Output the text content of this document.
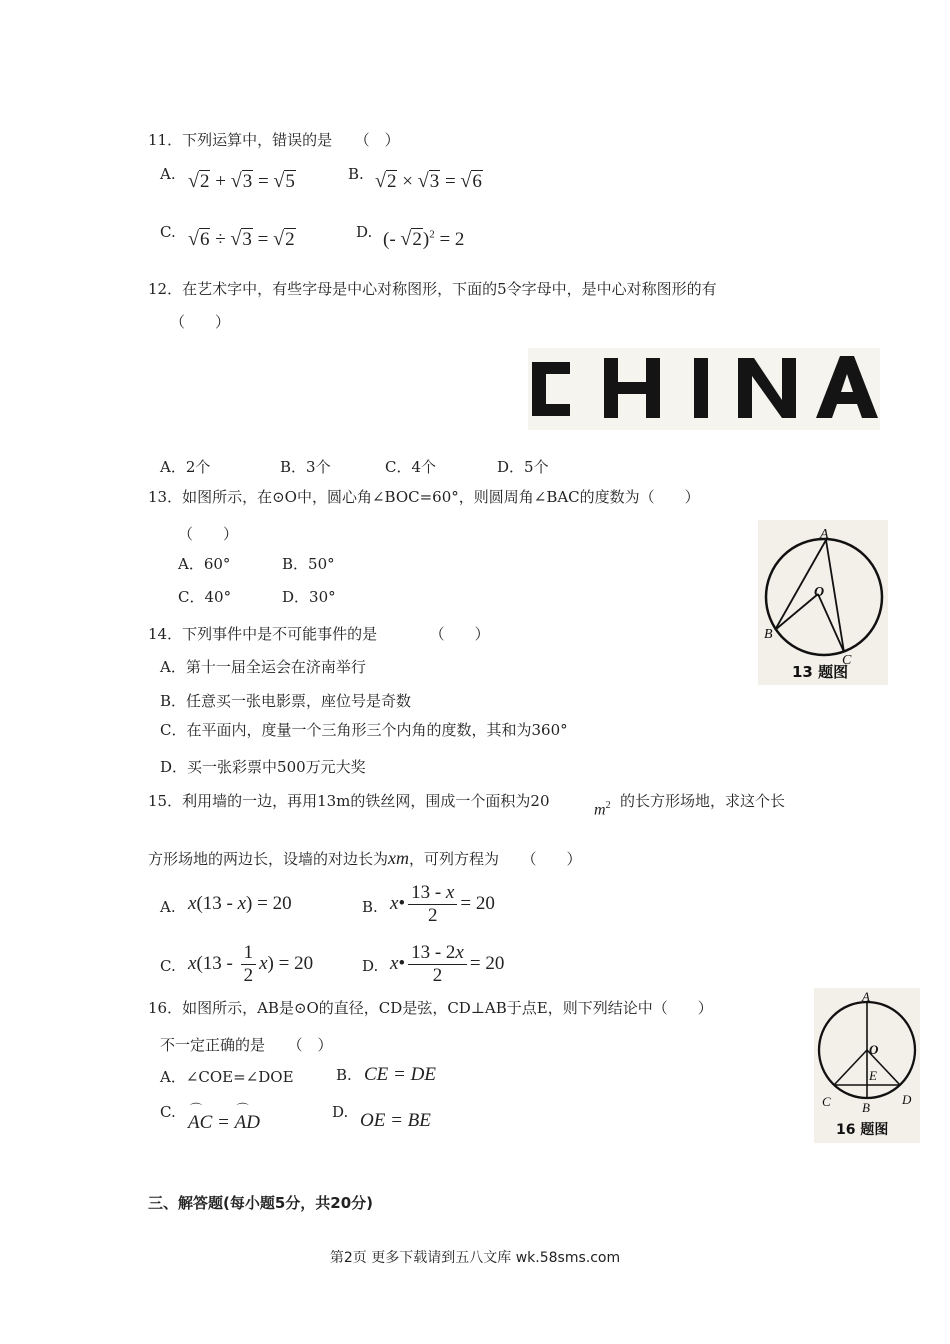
11．下列运算中，错误的是　　（　）
A. √2 + √3 = √5	B. √2 × √3 = √6
C. √6 ÷ √3 = √2	D. (- √2)$^2$ = 2
12．在艺术字中，有些字母是中心对称图形，下面的5令字母中，是中心对称图形的有
（　　）
A．2个	B．3个	C．4个	D．5个
13．如图所示，在⊙O中，圆心角∠BOC=60°，则圆周角∠BAC的度数为（　　）
（　　）
A．60°	B．50°
C．40°	D．30°
A
O
B
C
13 题图
14．下列事件中是不可能事件的是　　　　（　　）
A．第十一届全运会在济南举行
B．任意买一张电影票，座位号是奇数
C．在平面内，度量一个三角形三个内角的度数，其和为360°
D．买一张彩票中500万元大奖
15．利用墙的一边，再用13m的铁丝网，围成一个面积为20	$m^2$ 的长方形场地，求这个长
方形场地的两边长，设墙的对边长为xm，可列方程为　　（　　）
A. x(13 - x) = 20	B. x• $\frac{13 - x}{2} = 20$
C. $x(13 - \frac{1}{2} x) = 20$	D. x• $\frac{13 - 2x}{2} = 20$
16．如图所示，AB是⊙O的直径，CD是弦，CD⊥AB于点E，则下列结论中（　　）
不一定正确的是　　（　）
A．∠COE=∠DOE	B. CE = DE
C. AC
⌒
= AD
⌒	D. OE = BE
A
O
E
C B
D
16 题图
三、解答题(每小题5分，共20分)
第2页 更多下载请到五八文库 wk.58sms.com
